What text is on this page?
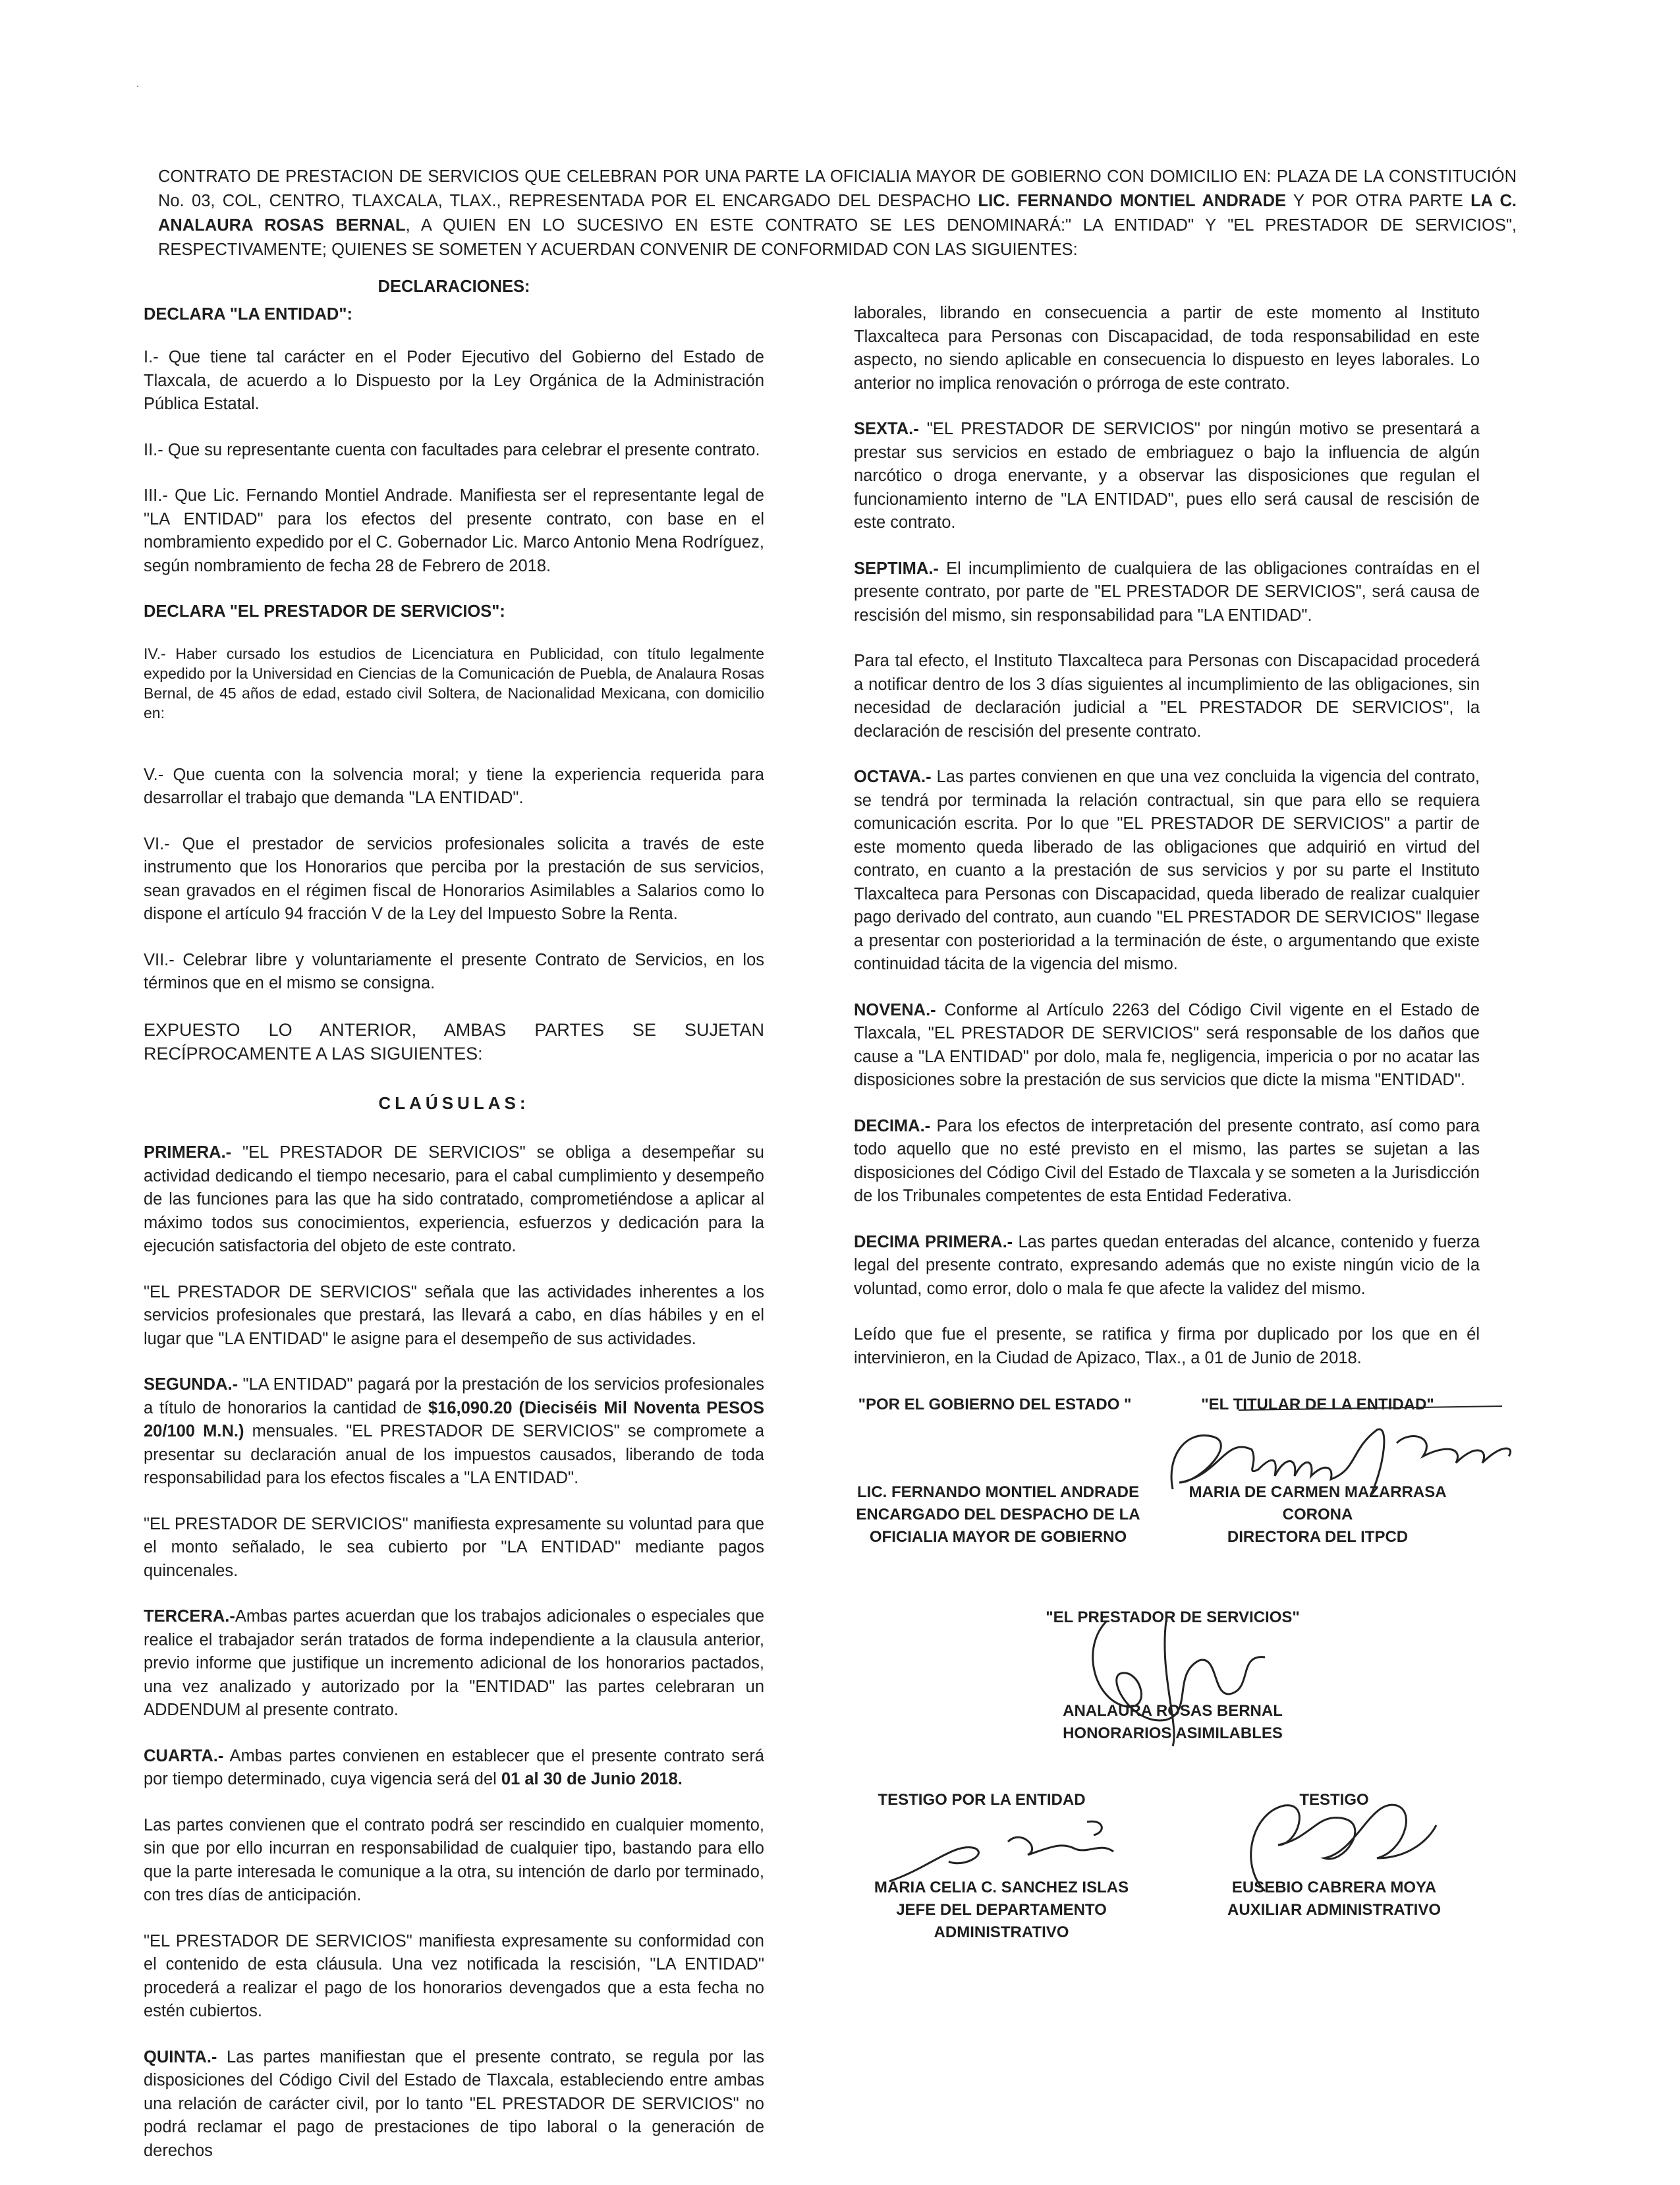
·
CONTRATO DE PRESTACION DE SERVICIOS QUE CELEBRAN POR UNA PARTE LA OFICIALIA MAYOR DE GOBIERNO CON DOMICILIO EN: PLAZA DE LA CONSTITUCIÓN No. 03, COL, CENTRO, TLAXCALA, TLAX., REPRESENTADA POR EL ENCARGADO DEL DESPACHO LIC. FERNANDO MONTIEL ANDRADE Y POR OTRA PARTE LA C. ANALAURA ROSAS BERNAL, A QUIEN EN LO SUCESIVO EN ESTE CONTRATO SE LES DENOMINARÁ:" LA ENTIDAD" Y "EL PRESTADOR DE SERVICIOS", RESPECTIVAMENTE; QUIENES SE SOMETEN Y ACUERDAN CONVENIR DE CONFORMIDAD CON LAS SIGUIENTES:
DECLARACIONES:
DECLARA "LA ENTIDAD":

I.- Que tiene tal carácter en el Poder Ejecutivo del Gobierno del Estado de Tlaxcala, de acuerdo a lo Dispuesto por la Ley Orgánica de la Administración Pública Estatal.

II.- Que su representante cuenta con facultades para celebrar el presente contrato.

III.- Que Lic. Fernando Montiel Andrade. Manifiesta ser el representante legal de "LA ENTIDAD" para los efectos del presente contrato, con base en el nombramiento expedido por el C. Gobernador Lic. Marco Antonio Mena Rodríguez, según nombramiento de fecha 28 de Febrero de 2018.

DECLARA "EL PRESTADOR DE SERVICIOS":

IV.- Haber cursado los estudios de Licenciatura en Publicidad, con título legalmente expedido por la Universidad en Ciencias de la Comunicación de Puebla, de Analaura Rosas Bernal, de 45 años de edad, estado civil Soltera, de Nacionalidad Mexicana, con domicilio en:

V.- Que cuenta con la solvencia moral; y tiene la experiencia requerida para desarrollar el trabajo que demanda "LA ENTIDAD".

VI.- Que el prestador de servicios profesionales solicita a través de este instrumento que los Honorarios que perciba por la prestación de sus servicios, sean gravados en el régimen fiscal de Honorarios Asimilables a Salarios como lo dispone el artículo 94 fracción V de la Ley del Impuesto Sobre la Renta.

VII.- Celebrar libre y voluntariamente el presente Contrato de Servicios, en los términos que en el mismo se consigna.

EXPUESTO LO ANTERIOR, AMBAS PARTES SE SUJETAN RECÍPROCAMENTE A LAS SIGUIENTES:

CLAÚSULAS:

PRIMERA.- "EL PRESTADOR DE SERVICIOS" se obliga a desempeñar su actividad dedicando el tiempo necesario, para el cabal cumplimiento y desempeño de las funciones para las que ha sido contratado, comprometiéndose a aplicar al máximo todos sus conocimientos, experiencia, esfuerzos y dedicación para la ejecución satisfactoria del objeto de este contrato.

"EL PRESTADOR DE SERVICIOS" señala que las actividades inherentes a los servicios profesionales que prestará, las llevará a cabo, en días hábiles y en el lugar que "LA ENTIDAD" le asigne para el desempeño de sus actividades.

SEGUNDA.- "LA ENTIDAD" pagará por la prestación de los servicios profesionales a título de honorarios la cantidad de $16,090.20 (Dieciséis Mil Noventa PESOS 20/100 M.N.) mensuales. "EL PRESTADOR DE SERVICIOS" se compromete a presentar su declaración anual de los impuestos causados, liberando de toda responsabilidad para los efectos fiscales a "LA ENTIDAD".

"EL PRESTADOR DE SERVICIOS" manifiesta expresamente su voluntad para que el monto señalado, le sea cubierto por "LA ENTIDAD" mediante pagos quincenales.

TERCERA.-Ambas partes acuerdan que los trabajos adicionales o especiales que realice el trabajador serán tratados de forma independiente a la clausula anterior, previo informe que justifique un incremento adicional de los honorarios pactados, una vez analizado y autorizado por la "ENTIDAD" las partes celebraran un ADDENDUM al presente contrato.

CUARTA.- Ambas partes convienen en establecer que el presente contrato será por tiempo determinado, cuya vigencia será del 01 al 30 de Junio 2018.

Las partes convienen que el contrato podrá ser rescindido en cualquier momento, sin que por ello incurran en responsabilidad de cualquier tipo, bastando para ello que la parte interesada le comunique a la otra, su intención de darlo por terminado, con tres días de anticipación.

"EL PRESTADOR DE SERVICIOS" manifiesta expresamente su conformidad con el contenido de esta cláusula. Una vez notificada la rescisión, "LA ENTIDAD" procederá a realizar el pago de los honorarios devengados que a esta fecha no estén cubiertos.

QUINTA.- Las partes manifiestan que el presente contrato, se regula por las disposiciones del Código Civil del Estado de Tlaxcala, estableciendo entre ambas una relación de carácter civil, por lo tanto "EL PRESTADOR DE SERVICIOS" no podrá reclamar el pago de prestaciones de tipo laboral o la generación de derechos

laborales, librando en consecuencia a partir de este momento al Instituto Tlaxcalteca para Personas con Discapacidad, de toda responsabilidad en este aspecto, no siendo aplicable en consecuencia lo dispuesto en leyes laborales. Lo anterior no implica renovación o prórroga de este contrato.

SEXTA.- "EL PRESTADOR DE SERVICIOS" por ningún motivo se presentará a prestar sus servicios en estado de embriaguez o bajo la influencia de algún narcótico o droga enervante, y a observar las disposiciones que regulan el funcionamiento interno de "LA ENTIDAD", pues ello será causal de rescisión de este contrato.

SEPTIMA.- El incumplimiento de cualquiera de las obligaciones contraídas en el presente contrato, por parte de "EL PRESTADOR DE SERVICIOS", será causa de rescisión del mismo, sin responsabilidad para "LA ENTIDAD".

Para tal efecto, el Instituto Tlaxcalteca para Personas con Discapacidad procederá a notificar dentro de los 3 días siguientes al incumplimiento de las obligaciones, sin necesidad de declaración judicial a "EL PRESTADOR DE SERVICIOS", la declaración de rescisión del presente contrato.

OCTAVA.- Las partes convienen en que una vez concluida la vigencia del contrato, se tendrá por terminada la relación contractual, sin que para ello se requiera comunicación escrita. Por lo que "EL PRESTADOR DE SERVICIOS" a partir de este momento queda liberado de las obligaciones que adquirió en virtud del contrato, en cuanto a la prestación de sus servicios y por su parte el Instituto Tlaxcalteca para Personas con Discapacidad, queda liberado de realizar cualquier pago derivado del contrato, aun cuando "EL PRESTADOR DE SERVICIOS" llegase a presentar con posterioridad a la terminación de éste, o argumentando que existe continuidad tácita de la vigencia del mismo.

NOVENA.- Conforme al Artículo 2263 del Código Civil vigente en el Estado de Tlaxcala, "EL PRESTADOR DE SERVICIOS" será responsable de los daños que cause a "LA ENTIDAD" por dolo, mala fe, negligencia, impericia o por no acatar las disposiciones sobre la prestación de sus servicios que dicte la misma "ENTIDAD".

DECIMA.- Para los efectos de interpretación del presente contrato, así como para todo aquello que no esté previsto en el mismo, las partes se sujetan a las disposiciones del Código Civil del Estado de Tlaxcala y se someten a la Jurisdicción de los Tribunales competentes de esta Entidad Federativa.

DECIMA PRIMERA.- Las partes quedan enteradas del alcance, contenido y fuerza legal del presente contrato, expresando además que no existe ningún vicio de la voluntad, como error, dolo o mala fe que afecte la validez del mismo.

Leído que fue el presente, se ratifica y firma por duplicado por los que en él intervinieron, en la Ciudad de Apizaco, Tlax., a 01 de Junio de 2018.

"POR EL GOBIERNO DEL ESTADO "	"EL TITULAR DE LA ENTIDAD"
LIC. FERNANDO MONTIEL ANDRADE
ENCARGADO DEL DESPACHO DE LA
OFICIALIA MAYOR DE GOBIERNO
MARIA DE CARMEN MAZARRASA
CORONA
DIRECTORA DEL ITPCD
"EL PRESTADOR DE SERVICIOS"
ANALAURA ROSAS BERNAL
HONORARIOS ASIMILABLES
TESTIGO POR LA ENTIDAD	TESTIGO
MARIA CELIA C. SANCHEZ ISLAS
JEFE DEL DEPARTAMENTO
ADMINISTRATIVO
EUSEBIO CABRERA MOYA
AUXILIAR ADMINISTRATIVO
